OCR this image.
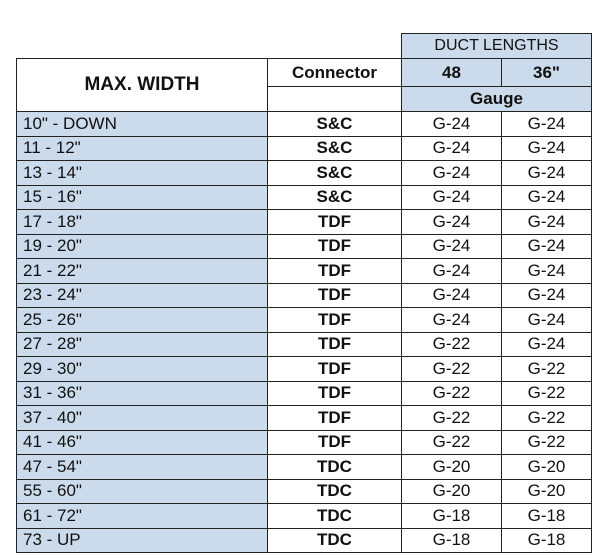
DUCT LENGTHS
MAX. WIDTH
Connector	48	36"
Gauge
10" - DOWN	S&C	G-24	G-24
11 - 12"	S&C	G-24	G-24
13 - 14"	S&C	G-24	G-24
15 - 16"	S&C	G-24	G-24
17 - 18"	TDF	G-24	G-24
19 - 20"	TDF	G-24	G-24
21 - 22"	TDF	G-24	G-24
23 - 24"	TDF	G-24	G-24
25 - 26"	TDF	G-24	G-24
27 - 28"	TDF	G-22	G-24
29 - 30"	TDF	G-22	G-22
31 - 36"	TDF	G-22	G-22
37 - 40"	TDF	G-22	G-22
41 - 46"	TDF	G-22	G-22
47 - 54"	TDC	G-20	G-20
55 - 60"	TDC	G-20	G-20
61 - 72"	TDC	G-18	G-18
73 - UP	TDC	G-18	G-18
